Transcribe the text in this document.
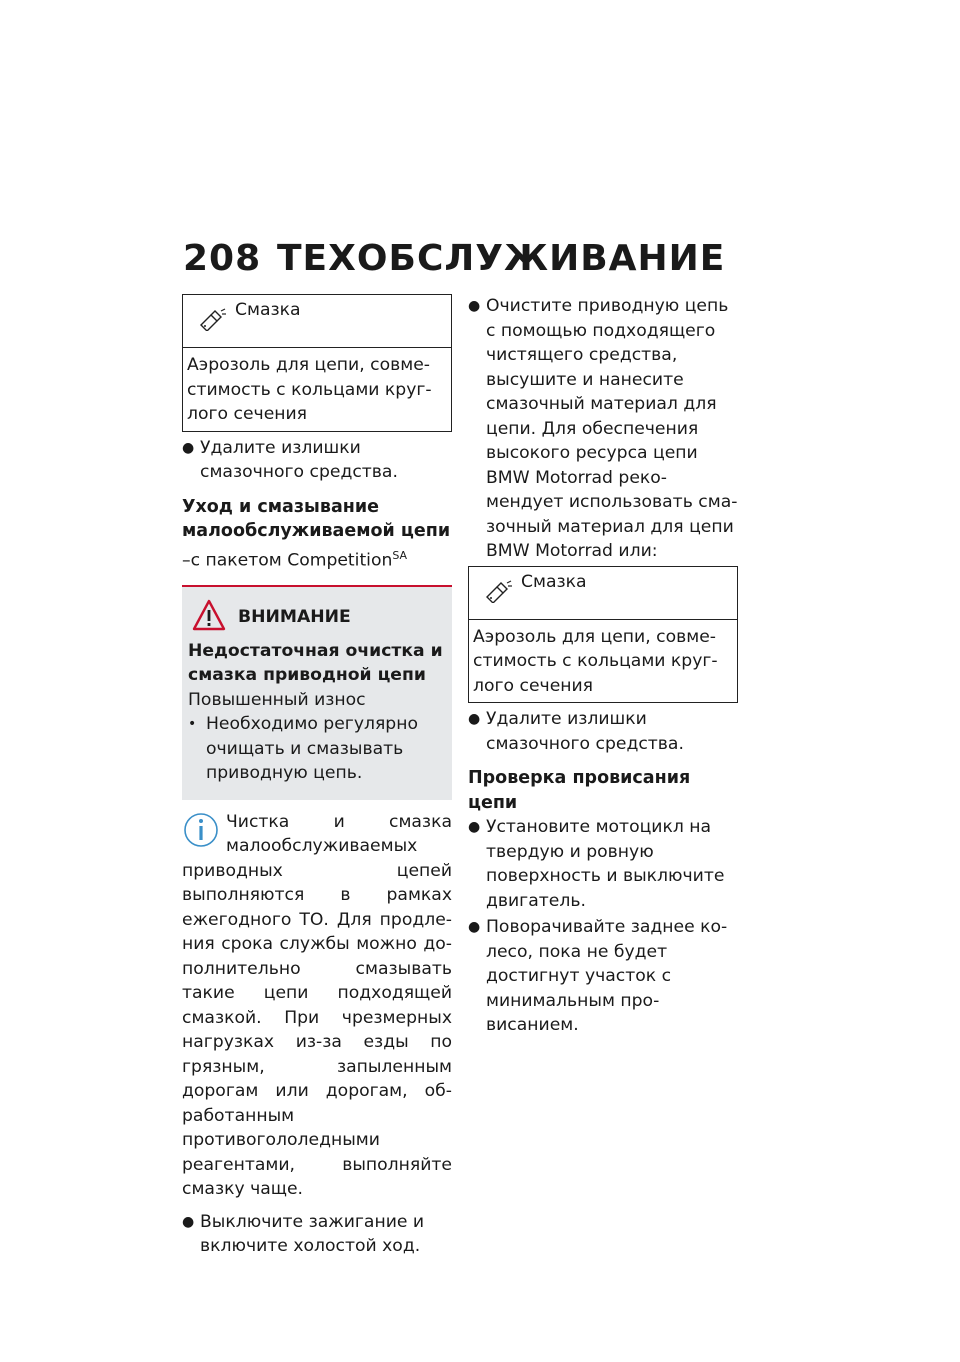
208 ТЕХОБСЛУЖИВАНИЕ
Смазка
Аэрозоль для цепи, совместимость с кольцами круглого сечения
● Удалите излишки смазочного средства.
Уход и смазывание малообслуживаемой цепи
–с пакетом Competition$^{SA}$
ВНИМАНИЕ
Недостаточная очистка и смазка приводной цепи
Повышенный износ
• Необходимо регулярно очищать и смазывать приводную цепь.
Чистка и смазка малообслуживаемых приводных цепей выполняются в рамках ежегодного ТО. Для продления срока службы можно дополнительно смазывать такие цепи подходящей смазкой. При чрезмерных нагрузках из-за езды по грязным, запыленным дорогам или дорогам, обработанным противогололедными реагентами, выполняйте смазку чаще.
● Выключите зажигание и включите холостой ход.
● Очистите приводную цепь с помощью подходящего чистящего средства, высушите и нанесите смазочный материал для цепи. Для обеспечения высокого ресурса цепи BMW Motorrad рекомендует использовать смазочный материал для цепи BMW Motorrad или:
Смазка
Аэрозоль для цепи, совместимость с кольцами круглого сечения
● Удалите излишки смазочного средства.
Проверка провисания цепи
● Установите мотоцикл на твердую и ровную поверхность и выключите двигатель.
● Поворачивайте заднее колесо, пока не будет достигнут участок с минимальным провисанием.
